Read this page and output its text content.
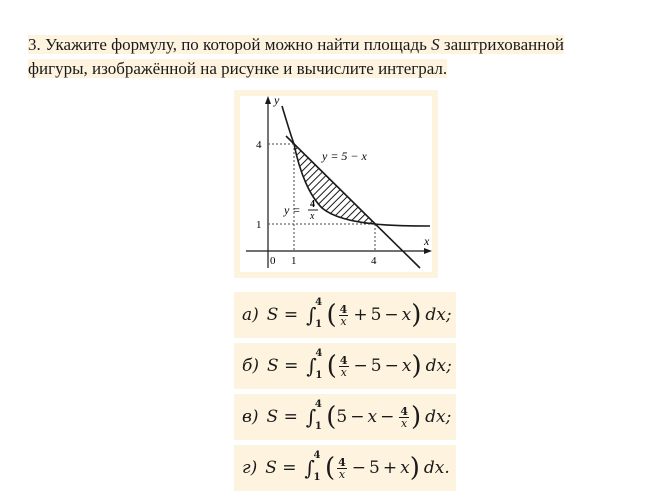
3. Укажите формулу, по которой можно найти площадь S заштрихованной
фигуры, изображённой на рисунке и вычислите интеграл.
y
x
0 1	4
1
4
y = 5 − x
y = 4
x
а) S = ∫
4
1 ( $\frac{4}{x} + 5 - x$ ) dx;
б) S = ∫
4
1 ( $\frac{4}{x} - 5 - x$ ) dx;
в) S = ∫
4
1 ( $5 - x - \frac{4}{x}$ ) dx;
г) S = ∫
4
1 ( $\frac{4}{x} - 5 + x$ ) dx.
